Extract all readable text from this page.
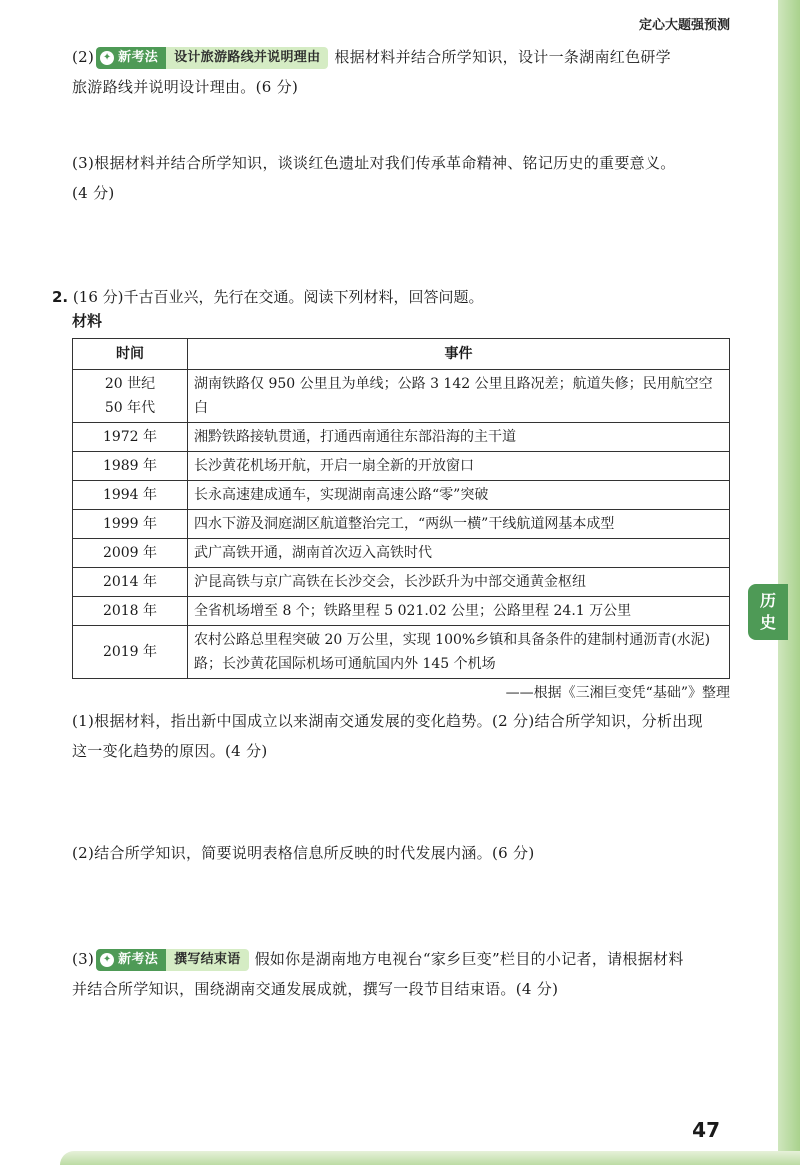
定心大题强预测
历
史
(2) ✦ 新考法	设计旅游路线并说明理由 根据材料并结合所学知识，设计一条湖南红色研学
旅游路线并说明设计理由。(6 分)
(3)根据材料并结合所学知识，谈谈红色遗址对我们传承革命精神、铭记历史的重要意义。
(4 分)
2. (16 分)千古百业兴，先行在交通。阅读下列材料，回答问题。
材料
时间	事件
20 世纪
50 年代	湖南铁路仅 950 公里且为单线；公路 3 142 公里且路况差；航道失修；民用航空空白
1972 年	湘黔铁路接轨贯通，打通西南通往东部沿海的主干道
1989 年	长沙黄花机场开航，开启一扇全新的开放窗口
1994 年	长永高速建成通车，实现湖南高速公路“零”突破
1999 年	四水下游及洞庭湖区航道整治完工，“两纵一横”干线航道网基本成型
2009 年	武广高铁开通，湖南首次迈入高铁时代
2014 年	沪昆高铁与京广高铁在长沙交会，长沙跃升为中部交通黄金枢纽
2018 年	全省机场增至 8 个；铁路里程 5 021.02 公里；公路里程 24.1 万公里
2019 年	农村公路总里程突破 20 万公里，实现 100%乡镇和具备条件的建制村通沥青(水泥)路；长沙黄花国际机场可通航国内外 145 个机场
——根据《三湘巨变凭“基础”》整理
(1)根据材料，指出新中国成立以来湖南交通发展的变化趋势。(2 分)结合所学知识，分析出现
这一变化趋势的原因。(4 分)
(2)结合所学知识，简要说明表格信息所反映的时代发展内涵。(6 分)
(3) ✦ 新考法	撰写结束语 假如你是湖南地方电视台“家乡巨变”栏目的小记者，请根据材料
并结合所学知识，围绕湖南交通发展成就，撰写一段节目结束语。(4 分)
47
